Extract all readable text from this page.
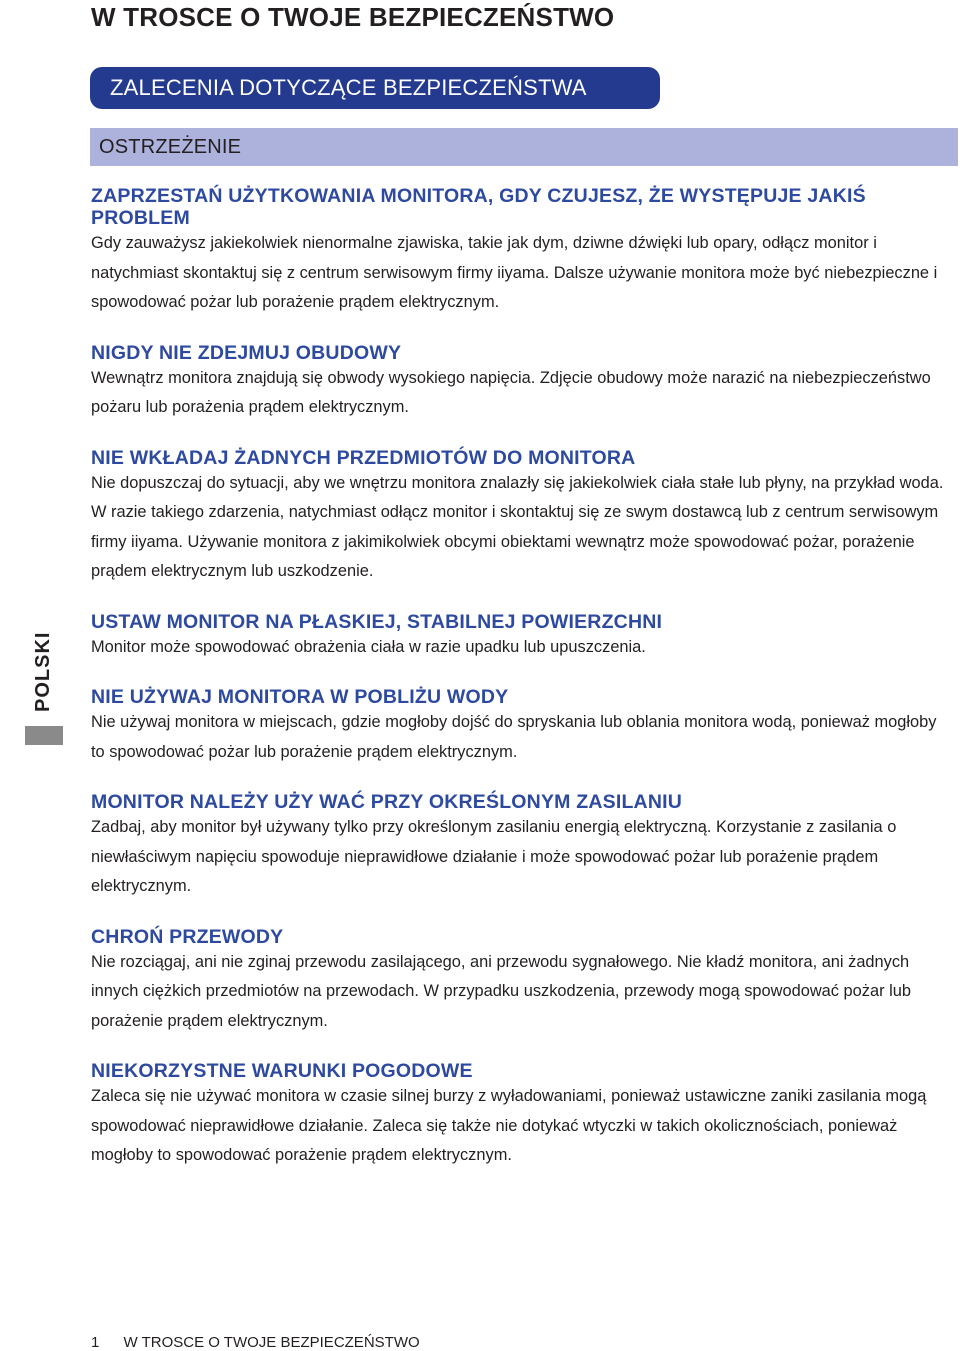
W TROSCE O TWOJE BEZPIECZEŃSTWO
ZALECENIA DOTYCZĄCE BEZPIECZEŃSTWA
OSTRZEŻENIE
ZAPRZESTAŃ UŻYTKOWANIA MONITORA, GDY CZUJESZ, ŻE WYSTĘPUJE JAKIŚ PROBLEM

Gdy zauważysz jakiekolwiek nienormalne zjawiska, takie jak dym, dziwne dźwięki lub opary, odłącz monitor i natychmiast skontaktuj się z centrum serwisowym firmy iiyama. Dalsze używanie monitora może być niebezpieczne i spowodować pożar lub porażenie prądem elektrycznym.

NIGDY NIE ZDEJMUJ OBUDOWY

Wewnątrz monitora znajdują się obwody wysokiego napięcia. Zdjęcie obudowy może narazić na niebezpieczeństwo pożaru lub porażenia prądem elektrycznym.

NIE WKŁADAJ ŻADNYCH PRZEDMIOTÓW DO MONITORA

Nie dopuszczaj do sytuacji, aby we wnętrzu monitora znalazły się jakiekolwiek ciała stałe lub płyny, na przykład woda. W razie takiego zdarzenia, natychmiast odłącz monitor i skontaktuj się ze swym dostawcą lub z centrum serwisowym firmy iiyama. Używanie monitora z jakimikolwiek obcymi obiektami wewnątrz może spowodować pożar, porażenie prądem elektrycznym lub uszkodzenie.

USTAW MONITOR NA PŁASKIEJ, STABILNEJ POWIERZCHNI

Monitor może spowodować obrażenia ciała w razie upadku lub upuszczenia.

NIE UŻYWAJ MONITORA W POBLIŻU WODY

Nie używaj monitora w miejscach, gdzie mogłoby dojść do spryskania lub oblania monitora wodą, ponieważ mogłoby to spowodować pożar lub porażenie prądem elektrycznym.

MONITOR NALEŻY UŻY WAĆ PRZY OKREŚLONYM ZASILANIU

Zadbaj, aby monitor był używany tylko przy określonym zasilaniu energią elektryczną. Korzystanie z zasilania o niewłaściwym napięciu spowoduje nieprawidłowe działanie i może spowodować pożar lub porażenie prądem elektrycznym.

CHROŃ PRZEWODY

Nie rozciągaj, ani nie zginaj przewodu zasilającego, ani przewodu sygnałowego. Nie kładź monitora, ani żadnych innych ciężkich przedmiotów na przewodach. W przypadku uszkodzenia, przewody mogą spowodować pożar lub porażenie prądem elektrycznym.

NIEKORZYSTNE WARUNKI POGODOWE

Zaleca się nie używać monitora w czasie silnej burzy z wyładowaniami, ponieważ ustawiczne zaniki zasilania mogą spowodować nieprawidłowe działanie. Zaleca się także nie dotykać wtyczki w takich okolicznościach, ponieważ mogłoby to spowodować porażenie prądem elektrycznym.

POLSKI
1 W TROSCE O TWOJE BEZPIECZEŃSTWO
